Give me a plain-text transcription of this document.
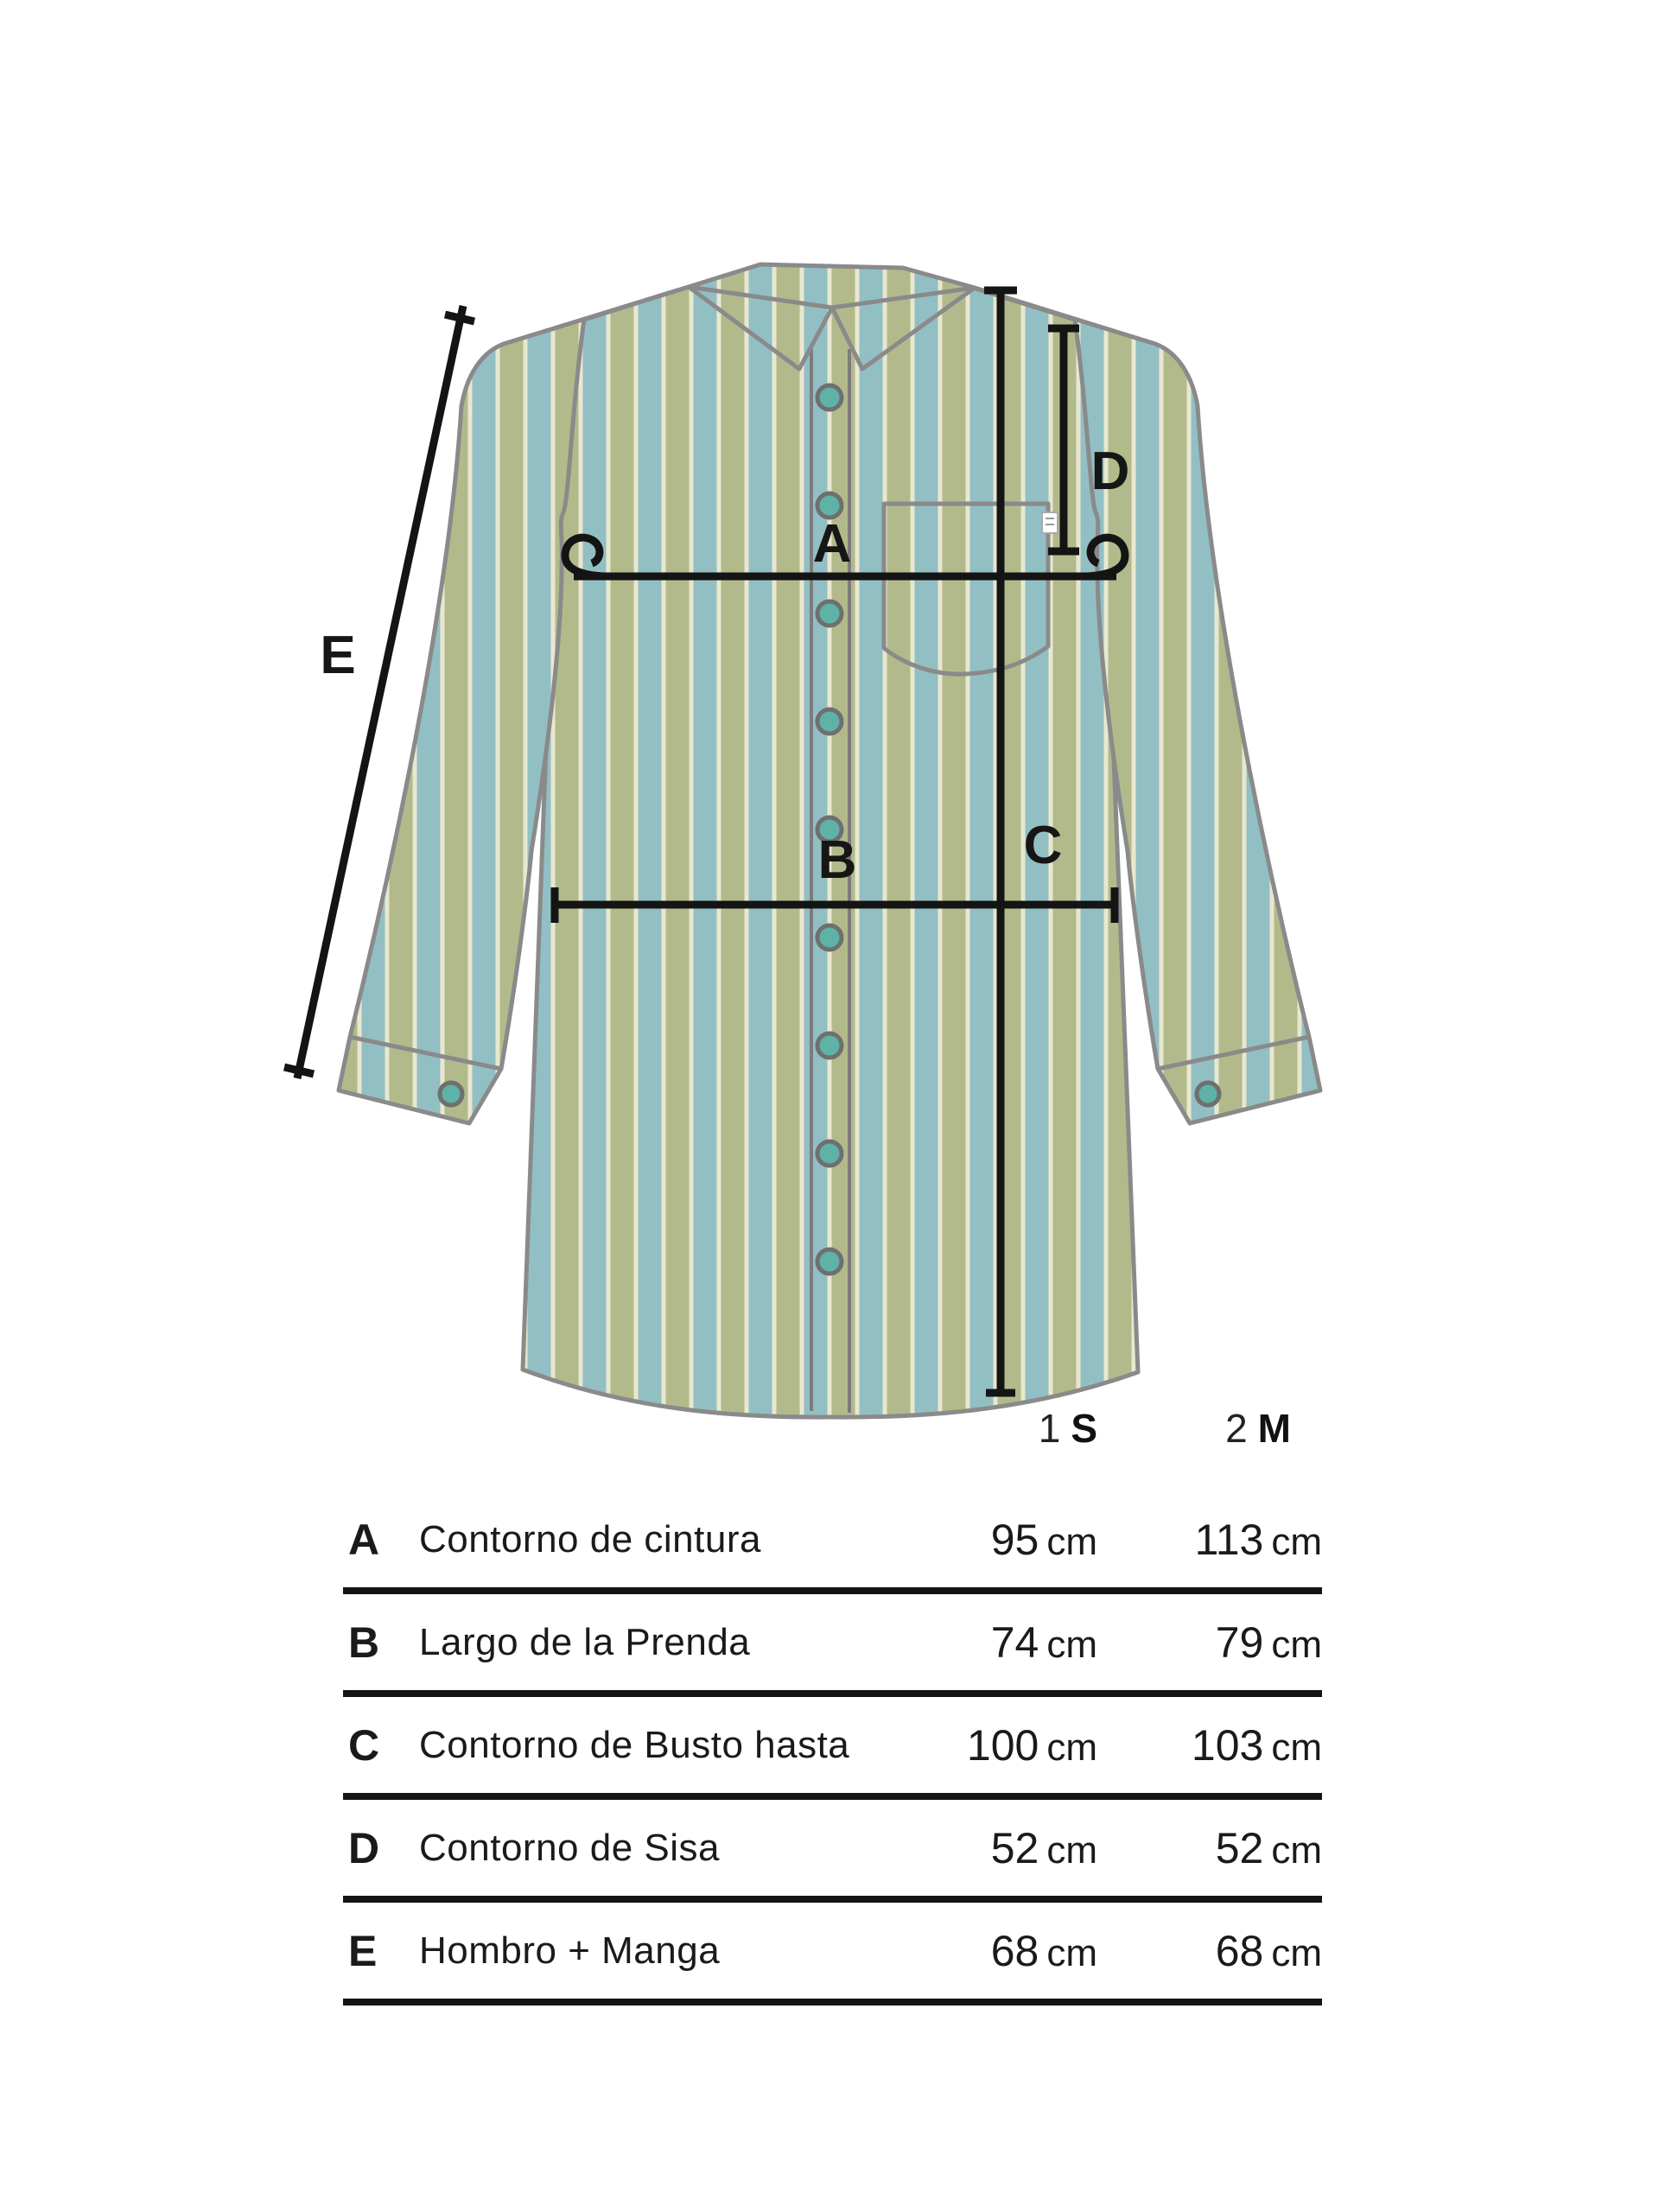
A
B	C
D
E
1 S	2 M
A	Contorno de cintura	95 cm 113 cm
B	Largo de la Prenda	74 cm	79 cm
C	Contorno de Busto hasta	100 cm 103 cm
D	Contorno de Sisa	52 cm	52 cm
E	Hombro + Manga	68 cm	68 cm
